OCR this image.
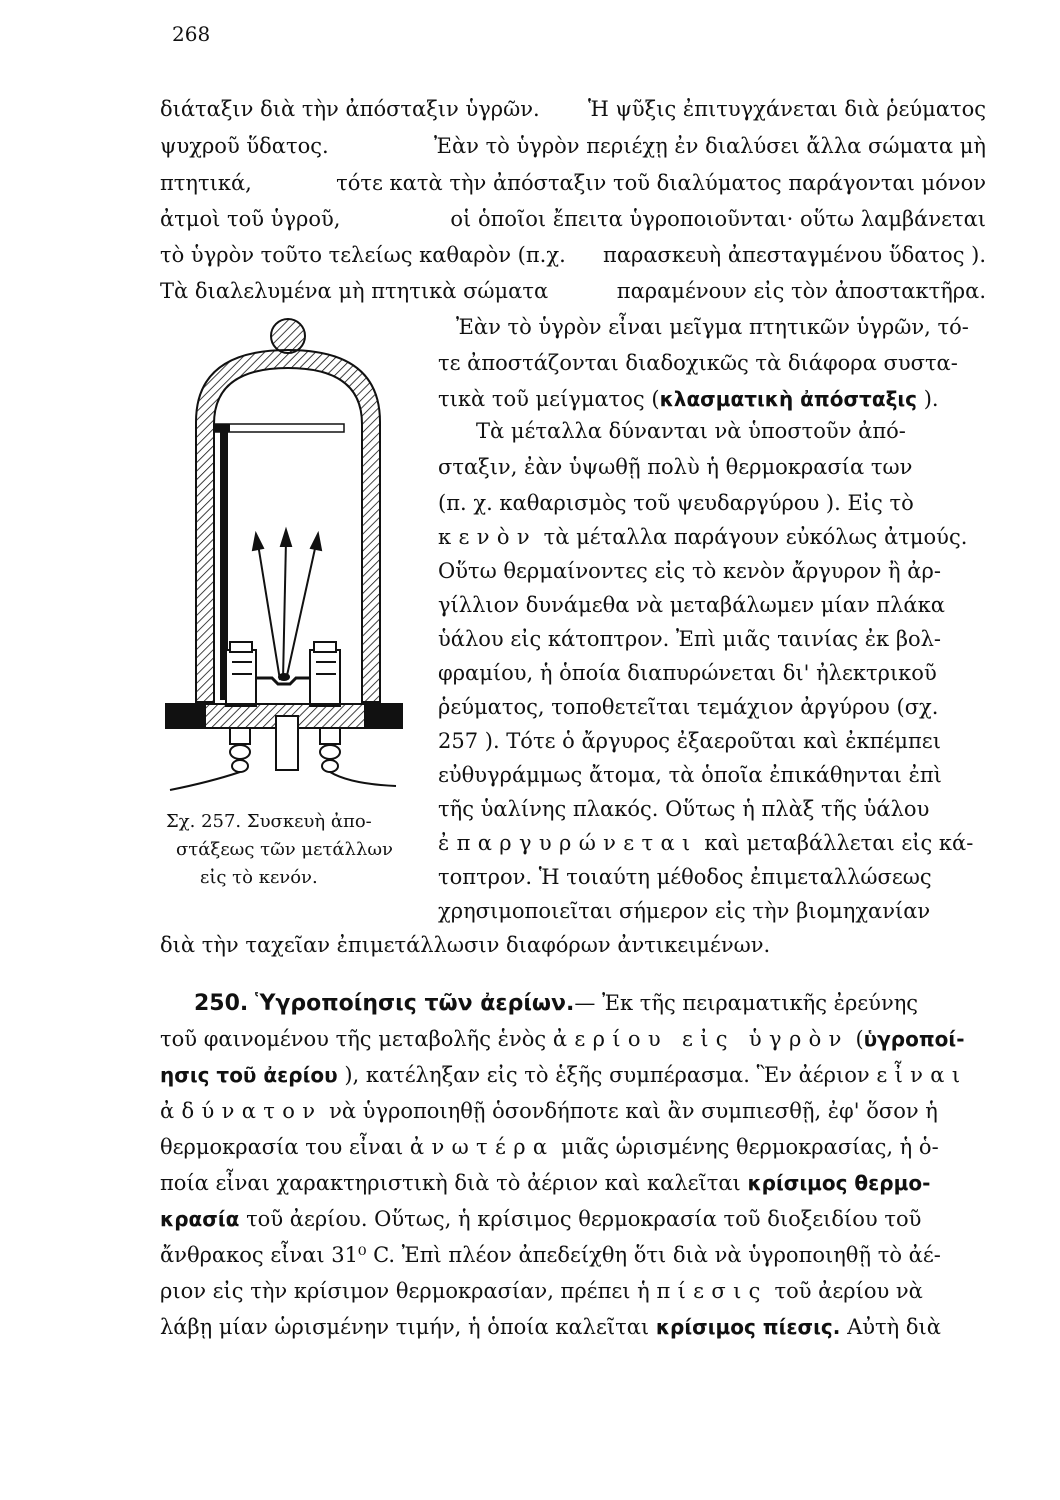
268
διάταξιν διὰ τὴν ἀπόσταξιν ὑγρῶν. Ἡ ψῦξις ἐπιτυγχάνεται διὰ ῥεύματος
ψυχροῦ ὕδατος.	Ἐὰν τὸ ὑγρὸν περιέχῃ ἐν διαλύσει ἄλλα σώματα μὴ
πτητικά,	τότε κατὰ τὴν ἀπόσταξιν τοῦ διαλύματος παράγονται μόνον
ἀτμοὶ τοῦ ὑγροῦ,	οἱ ὁποῖοι ἔπειτα ὑγροποιοῦνται· οὕτω λαμβάνεται
τὸ ὑγρὸν τοῦτο τελείως καθαρὸν (π.χ. παρασκευὴ ἀπεσταγμένου ὕδατος ).
Τὰ διαλελυμένα μὴ πτητικὰ σώματα	παραμένουν εἰς τὸν ἀποστακτῆρα.
Σχ. 257. Συσκευὴ ἀπο-
στάξεως τῶν μετάλλων
εἰς τὸ κενόν.
Ἐὰν τὸ ὑγρὸν εἶναι μεῖγμα πτητικῶν ὑγρῶν, τό-
τε ἀποστάζονται διαδοχικῶς τὰ διάφορα συστα-
τικὰ τοῦ μείγματος (κλασματικὴ ἀπόσταξις ).
Τὰ μέταλλα δύνανται νὰ ὑποστοῦν ἀπό-
σταξιν, ἐὰν ὑψωθῇ πολὺ ἡ θερμοκρασία των
(π. χ. καθαρισμὸς τοῦ ψευδαργύρου ). Εἰς τὸ
κενὸν τὰ μέταλλα παράγουν εὐκόλως ἀτμούς.
Οὕτω θερμαίνοντες εἰς τὸ κενὸν ἄργυρον ἢ ἀρ-
γίλλιον δυνάμεθα νὰ μεταβάλωμεν μίαν πλάκα
ὑάλου εἰς κάτοπτρον. Ἐπὶ μιᾶς ταινίας ἐκ βολ-
φραμίου, ἡ ὁποία διαπυρώνεται δι' ἠλεκτρικοῦ
ῥεύματος, τοποθετεῖται τεμάχιον ἀργύρου (σχ.
257 ). Τότε ὁ ἄργυρος ἐξαεροῦται καὶ ἐκπέμπει
εὐθυγράμμως ἄτομα, τὰ ὁποῖα ἐπικάθηνται ἐπὶ
τῆς ὑαλίνης πλακός. Οὕτως ἡ πλὰξ τῆς ὑάλου
ἐπαργυρώνεται καὶ μεταβάλλεται εἰς κά-
τοπτρον. Ἡ τοιαύτη μέθοδος ἐπιμεταλλώσεως
χρησιμοποιεῖται σήμερον εἰς τὴν βιομηχανίαν
διὰ τὴν ταχεῖαν ἐπιμετάλλωσιν διαφόρων ἀντικειμένων.
250. Ὑγροποίησις τῶν ἀερίων.— Ἐκ τῆς πειραματικῆς ἐρεύνης
τοῦ φαινομένου τῆς μεταβολῆς ἑνὸς ἀερίου εἰς ὑγρὸν (ὑγροποί-
ησις τοῦ ἀερίου ), κατέληξαν εἰς τὸ ἑξῆς συμπέρασμα. Ἓν ἀέριον εἶναι
ἀδύνατον νὰ ὑγροποιηθῇ ὁσονδήποτε καὶ ἂν συμπιεσθῇ, ἐφ' ὅσον ἡ
θερμοκρασία του εἶναι ἀνωτέρα μιᾶς ὡρισμένης θερμοκρασίας, ἡ ὁ-
ποία εἶναι χαρακτηριστικὴ διὰ τὸ ἀέριον καὶ καλεῖται κρίσιμος θερμο-
κρασία τοῦ ἀερίου. Οὕτως, ἡ κρίσιμος θερμοκρασία τοῦ διοξειδίου τοῦ
ἄνθρακος εἶναι 31⁰ C. Ἐπὶ πλέον ἀπεδείχθη ὅτι διὰ νὰ ὑγροποιηθῇ τὸ ἀέ-
ριον εἰς τὴν κρίσιμον θερμοκρασίαν, πρέπει ἡ πίεσις τοῦ ἀερίου νὰ
λάβῃ μίαν ὡρισμένην τιμήν, ἡ ὁποία καλεῖται κρίσιμος πίεσις. Αὐτὴ διὰ
